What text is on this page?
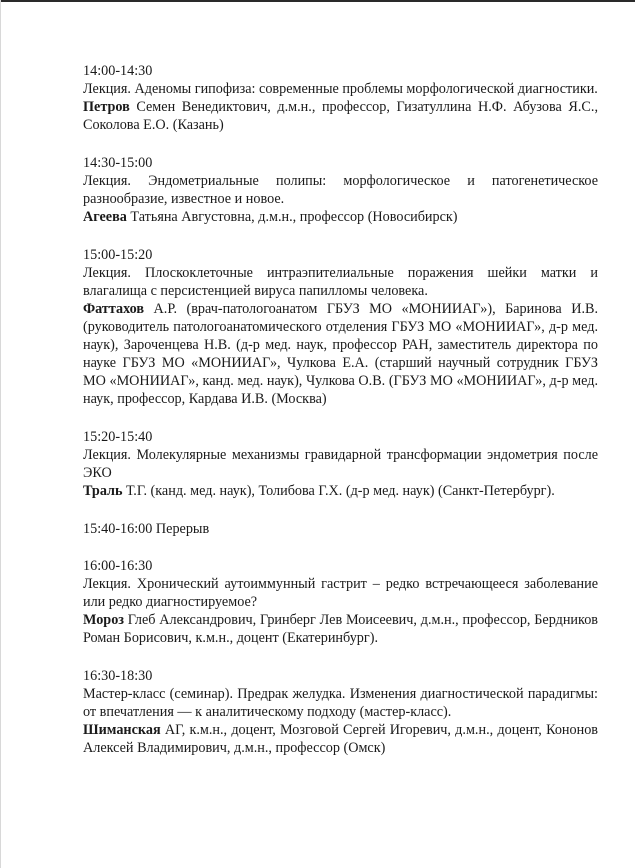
14:00-14:30
Лекция. Аденомы гипофиза: современные проблемы морфологической диагностики.
Петров Семен Венедиктович, д.м.н., профессор, Гизатуллина Н.Ф. Абузова Я.С., Соколова Е.О. (Казань)
14:30-15:00
Лекция. Эндометриальные полипы: морфологическое и патогенетическое разнообразие, известное и новое.
Агеева Татьяна Августовна, д.м.н., профессор (Новосибирск)
15:00-15:20
Лекция. Плоскоклеточные интраэпителиальные поражения шейки матки и влагалища с персистенцией вируса папилломы человека.
Фаттахов А.Р. (врач-патологоанатом ГБУЗ МО «МОНИИАГ»), Баринова И.В. (руководитель патологоанатомического отделения ГБУЗ МО «МОНИИАГ», д-р мед. наук), Зароченцева Н.В. (д-р мед. наук, профессор РАН, заместитель директора по науке ГБУЗ МО «МОНИИАГ», Чулкова Е.А. (старший научный сотрудник ГБУЗ МО «МОНИИАГ», канд. мед. наук), Чулкова О.В. (ГБУЗ МО «МОНИИАГ», д-р мед. наук, профессор, Кардава И.В. (Москва)
15:20-15:40
Лекция. Молекулярные механизмы гравидарной трансформации эндометрия после ЭКО
Траль Т.Г. (канд. мед. наук), Толибова Г.Х. (д-р мед. наук) (Санкт-Петербург).
15:40-16:00 Перерыв
16:00-16:30
Лекция. Хронический аутоиммунный гастрит – редко встречающееся заболевание или редко диагностируемое?
Мороз Глеб Александрович, Гринберг Лев Моисеевич, д.м.н., профессор, Бердников Роман Борисович, к.м.н., доцент (Екатеринбург).
16:30-18:30
Мастер-класс (семинар). Предрак желудка. Изменения диагностической парадигмы: от впечатления — к аналитическому подходу (мастер-класс).
Шиманская АГ, к.м.н., доцент, Мозговой Сергей Игоревич, д.м.н., доцент, Кононов Алексей Владимирович, д.м.н., профессор (Омск)
